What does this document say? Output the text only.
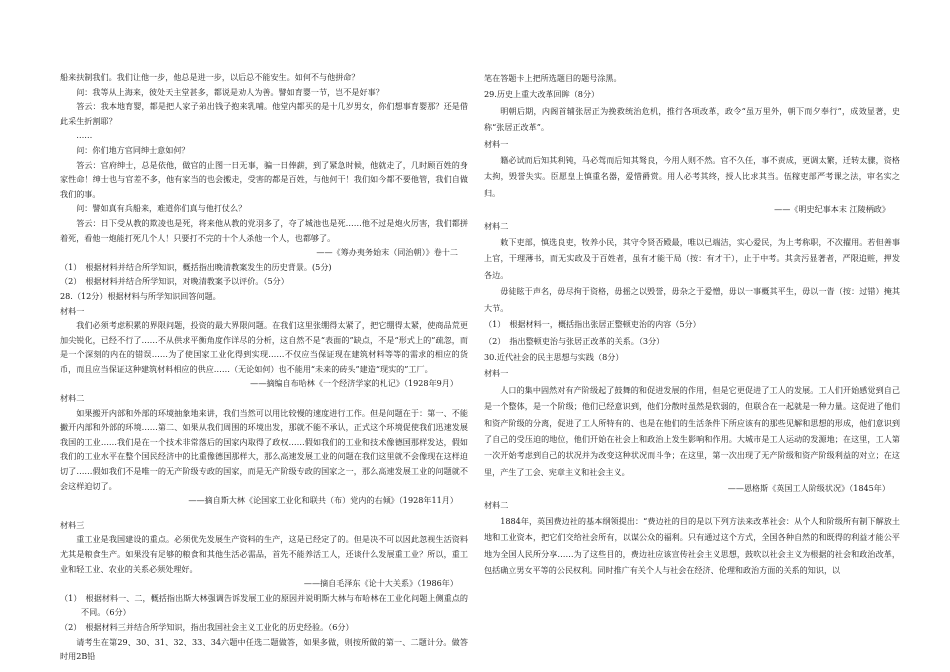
船来扶制我们。我们让他一步，他总是进一步，以后总不能安生。如何不与他拼命？

问：我等从上海来，彼处天主堂甚多，都说是劝人为善。譬如育婴一节，岂不是好事？

答云：我本地育婴，都是把人家子弟出钱子抱来乳哺。他堂内都买的是十几岁男女，你们想事育婴那？还是借此采生折割耶？

……

问：你们地方官同绅士意如何？

答云：官府绅士，总是依他，做官的止图一日无事，骗一日俸薪，到了紧急时候，他就走了，几时顾百姓的身家性命！绅士也与官差不多，他有家当的也会搬走，受害的都是百姓，与他何干！我们如今都不要他管，我们自做我们的事。

问：譬如真有兵船来，难道你们真与他打仗么？

答云：日下受从教的欺凌也是死，将来他从教的党羽多了，夺了城池也是死……他不过是炮火厉害，我们都拼着死，看他一炮能打死几个人！只要打不完的十个人杀他一个人，也都够了。

——《筹办夷务始末（同治朝）》卷十二

（1）　根据材料并结合所学知识，概括指出晚清教案发生的历史背景。(5分)

（2）　根据材料并结合所学知识，对晚清教案予以评价。（5分）

28.（12分）根据材料与所学知识回答问题。

材料一

我们必须考虑积累的界限问题，投资的最大界限问题。在我们这里张绷得太紧了，把它绷得太紧，使商品荒更加尖锐化，已经不行了……不从供求平衡角度作详尽的分析，这自然不是“表面的”缺点，不是“形式上的”疏忽，而是一个深刻的内在的错误……为了使国家工业化得到实现……不仅应当保证现在建筑材料等等的需求的相应的货币，而且应当保证这种建筑材料相应的供应……（无论如何）也不能用“未来的砖头”建造“现实的”工厂。

——摘编自布哈林《一个经济学家的札记》（1928年9月）

材料二

如果搬开内部和外部的环境抽象地来讲，我们当然可以用比较慢的速度进行工作。但是问题在于：第一、不能撇开内部和外部的环境……第二、如果从我们周围的环境出发，那就不能不承认，正式这个环境促使我们迅速发展我国的工业……我们是在一个技术非常落后的国家内取得了政权……假如我们的工业和技术像德国那样发达，假如我们的工业水平在整个国民经济中的比重像德国那样大，那么高速发展工业的问题在我们这里就不会像现在这样迫切了……假如我们不是唯一的无产阶级专政的国家，而是无产阶级专政的国家之一，那么高速发展工业的问题就不会这样迫切了。

——摘自斯大林《论国家工业化和联共（布）党内的右倾》（1928年11月）

材料三

重工业是我国建设的重点。必须优先发展生产资料的生产，这是已经定了的。但是决不可以因此忽视生活资料尤其是粮食生产。如果没有足够的粮食和其他生活必需品，首先不能养活工人，还谈什么发展重工业？所以，重工业和轻工业、农业的关系必须处理好。

——摘自毛泽东《论十大关系》（1986年）

（1）　根据材料一、二，概括指出斯大林强调告诉发展工业的原因并说明斯大林与布哈林在工业化问题上侧重点的不同。（6分）

（2）　根据材料三并结合所学知识，指出我国社会主义工业化的历史经验。（6分）

请考生在第29、30、31、32、33、34六题中任选二题做答，如果多做，则按所做的第一、二题计分。做答时用2B铅

笔在答题卡上把所选题目的题号涂黑。

29.历史上重大改革回眸（8分）

明朝后期，内阁首辅张居正为挽救统治危机，推行各项改革，政令“虽万里外，朝下而夕奉行”，成效显著，史称“张居正改革”。

材料一

籍必试而后知其利钝，马必驾而后知其驽良，今用人则不然。官不久任，事不责成，更调太繁，迁转太骤，资格太拘，毁誉失实。臣愿皇上慎重名器，爱惜爵赏。用人必考其终，授人比求其当。伍稼吏部严考课之法，审名实之归。

——《明史纪事本末 江陵柄政》

材料二

敕下吏部，慎选良吏，牧养小民，其守令贤否殿最，唯以已端洁，实心爱民，为上考称职，不次擢用。若但善事上官，干理薄书，而无实政及于百姓者，虽有才能干局（按：有才干），止于中考。其贪污显著者，严限追赃，押发各边。

毋徒眩于声名，毋尽拘于资格，毋摇之以毁誉，毋杂之于爱憎，毋以一事概其平生，毋以一眚（按：过错）掩其大节。

（1）　根据材料一，概括指出张居正整顿吏治的内容（5分）

（2）　指出整顿吏治与张居正改革的关系。（3分）

30.近代社会的民主思想与实践（8分）

材料一

人口的集中固然对有产阶级起了鼓舞的和促进发展的作用，但是它更促进了工人的发展。工人们开始感觉到自己是一个整体，是一个阶级；他们已经意识到，他们分散时虽然是软弱的，但联合在一起就是一种力量。这促进了他们和资产阶级的分离，促进了工人所特有的、也是在他们的生活条件下所应该有的那些见解和思想的形成，他们意识到了自己的受压迫的地位，他们开始在社会上和政治上发生影响和作用。大城市是工人运动的发源地；在这里，工人第一次开始考虑到自己的状况并为改变这种状况而斗争；在这里，第一次出现了无产阶级和资产阶级利益的对立；在这里，产生了工会、宪章主义和社会主义。

——恩格斯《英国工人阶级状况》（1845年）

材料二

1884年，英国费边社的基本纲领提出：“费边社的目的是以下列方法来改革社会：从个人和阶级所有制下解放土地和工业资本，把它们交给社会所有，以谋公众的福利。只有通过这个方式，全国各种自然的和既得的利益才能公平地为全国人民所分享……为了这些目的，费边社应该宣传社会主义思想，鼓吹以社会主义为根据的社会和政治改革，包括确立男女平等的公民权利。同时推广有关个人与社会在经济、伦理和政治方面的关系的知识，以
